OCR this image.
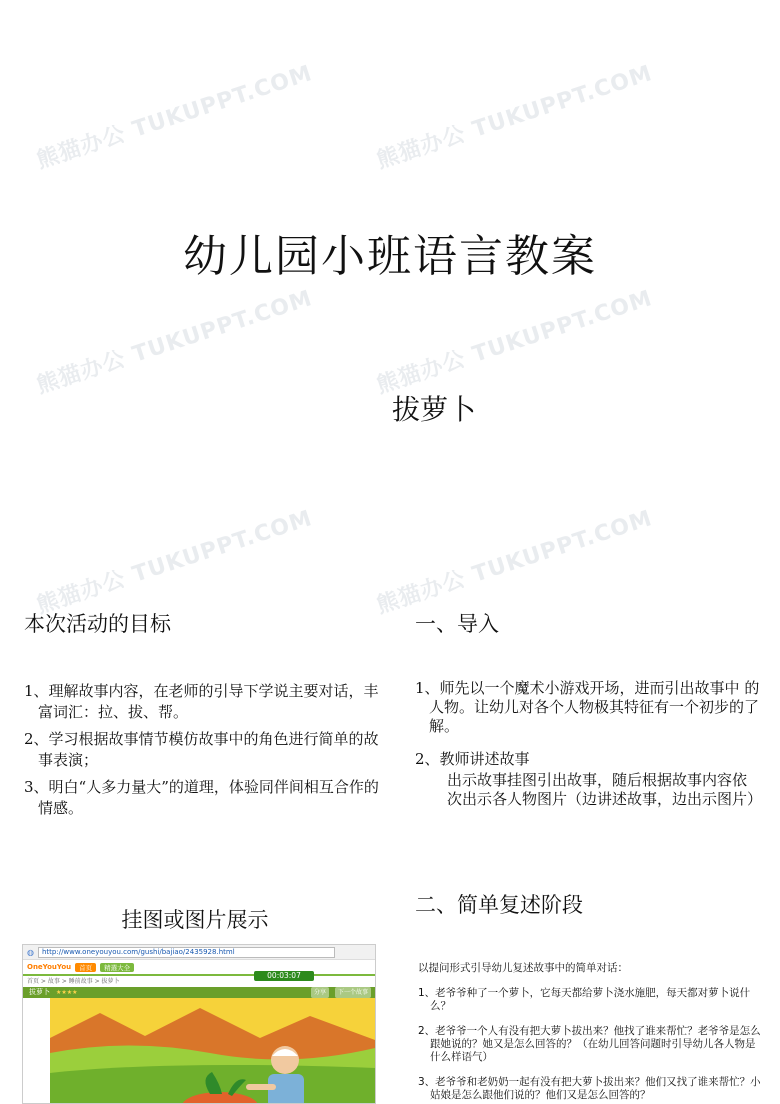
熊猫办公 TUKUPPT.COM	熊猫办公 TUKUPPT.COM
熊猫办公 TUKUPPT.COM	熊猫办公 TUKUPPT.COM
熊猫办公 TUKUPPT.COM	熊猫办公 TUKUPPT.COM
幼儿园小班语言教案
拔萝卜
本次活动的目标
1、理解故事内容，在老师的引导下学说主要对话，丰富词汇：拉、拔、帮。
2、学习根据故事情节模仿故事中的角色进行简单的故事表演；
3、明白“人多力量大”的道理，体验同伴间相互合作的情感。
一、导入
1、师先以一个魔术小游戏开场，进而引出故事中 的人物。让幼儿对各个人物极其特征有一个初步的了解。
2、教师讲述故事
出示故事挂图引出故事，随后根据故事内容依次出示各人物图片（边讲述故事，边出示图片）
挂图或图片展示
二、简单复述阶段
以提问形式引导幼儿复述故事中的简单对话：
1、老爷爷种了一个萝卜，它每天都给萝卜浇水施肥，每天都对萝卜说什么？
2、老爷爷一个人有没有把大萝卜拔出来？他找了谁来帮忙？老爷爷是怎么跟她说的？她又是怎么回答的？（在幼儿回答问题时引导幼儿各人物是什么样语气）
3、老爷爷和老奶奶一起有没有把大萝卜拔出来？他们又找了谁来帮忙？小姑娘是怎么跟他们说的？他们又是怎么回答的？
◍	http://www.oneyouyou.com/gushi/bajiao/2435928.html
OneYouYou	首页	精選大全
00:03:07
首页 > 故事 > 睡前故事 > 拔萝卜
拔萝卜 ★★★★	分享	下一个故事
